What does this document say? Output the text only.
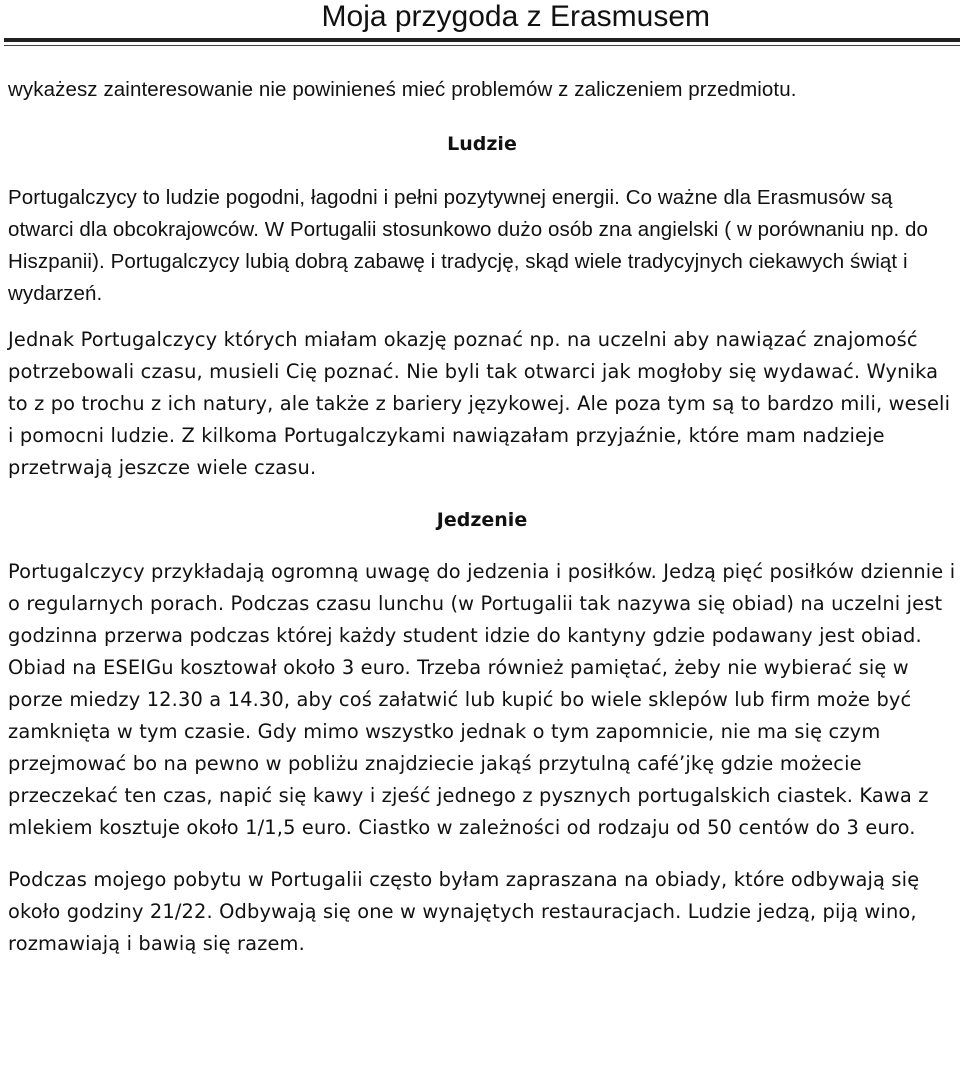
Moja przygoda z Erasmusem

wykażesz zainteresowanie nie powinieneś mieć problemów z zaliczeniem przedmiotu.

Ludzie

Portugalczycy to ludzie pogodni, łagodni i pełni pozytywnej energii. Co ważne dla Erasmusów są otwarci dla obcokrajowców. W Portugalii stosunkowo dużo osób zna angielski ( w porównaniu np. do Hiszpanii). Portugalczycy lubią dobrą zabawę i tradycję, skąd wiele tradycyjnych ciekawych świąt i wydarzeń.

Jednak Portugalczycy których miałam okazję poznać np. na uczelni aby nawiązać znajomość potrzebowali czasu, musieli Cię poznać. Nie byli tak otwarci jak mogłoby się wydawać. Wynika to z po trochu z ich natury, ale także z bariery językowej. Ale poza tym są to bardzo mili, weseli i pomocni ludzie. Z kilkoma Portugalczykami nawiązałam przyjaźnie, które mam nadzieje przetrwają jeszcze wiele czasu.

Jedzenie

Portugalczycy przykładają ogromną uwagę do jedzenia i posiłków. Jedzą pięć posiłków dziennie i o regularnych porach. Podczas czasu lunchu (w Portugalii tak nazywa się obiad) na uczelni jest godzinna przerwa podczas której każdy student idzie do kantyny gdzie podawany jest obiad. Obiad na ESEIGu kosztował około 3 euro. Trzeba również pamiętać, żeby nie wybierać się w porze miedzy 12.30 a 14.30, aby coś załatwić lub kupić bo wiele sklepów lub firm może być zamknięta w tym czasie. Gdy mimo wszystko jednak o tym zapomnicie, nie ma się czym przejmować bo na pewno w pobliżu znajdziecie jakąś przytulną café’jkę gdzie możecie przeczekać ten czas, napić się kawy i zjeść jednego z pysznych portugalskich ciastek. Kawa z mlekiem kosztuje około 1/1,5 euro. Ciastko w zależności od rodzaju od 50 centów do 3 euro.

Podczas mojego pobytu w Portugalii często byłam zapraszana na obiady, które odbywają się około godziny 21/22. Odbywają się one w wynajętych restauracjach. Ludzie jedzą, piją wino, rozmawiają i bawią się razem.
